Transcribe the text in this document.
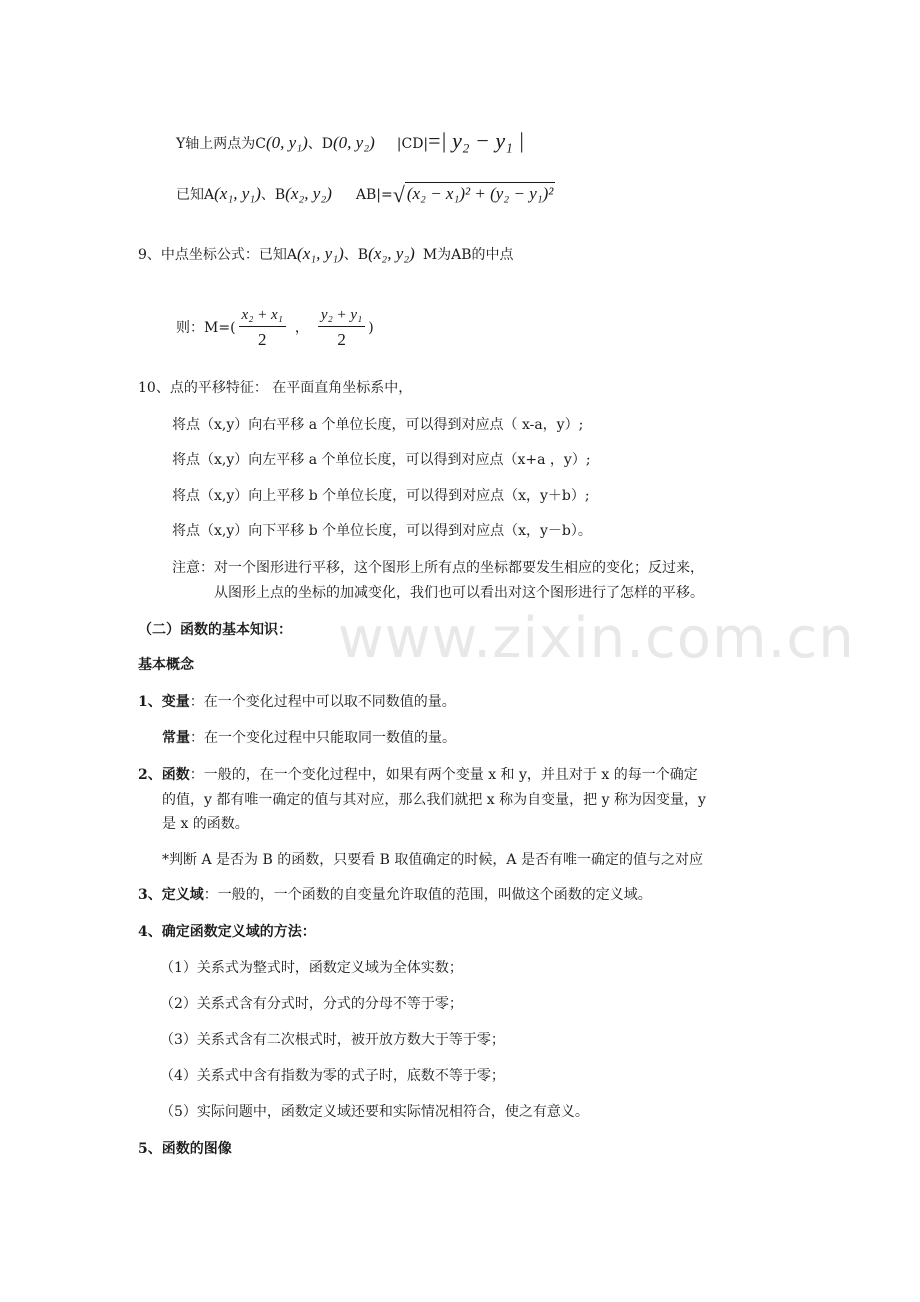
Y轴上两点为C(0, y₁)、D(0, y₂) |CD|=| y₂ − y₁ |
已知A(x₁, y₁)、B(x₂, y₂) AB|=√ (x₂ − x₁)² + (y₂ − y₁)²
9、中点坐标公式：已知A(x₁, y₁)、B(x₂, y₂) M为AB的中点
则：$M=( \frac{\text{x₂ + x₁}}{2}$ ， $\frac{\text{y₂ + y₁}}{2}$ )
10、点的平移特征： 在平面直角坐标系中，
将点（x,y）向右平移 a 个单位长度，可以得到对应点（ x-a，y）;
将点（x,y）向左平移 a 个单位长度，可以得到对应点（x+a ，y）;
将点（x,y）向上平移 b 个单位长度，可以得到对应点（x，y＋b）;
将点（x,y）向下平移 b 个单位长度，可以得到对应点（x，y－b）。
注意：对一个图形进行平移，这个图形上所有点的坐标都要发生相应的变化；反过来，
从图形上点的坐标的加减变化，我们也可以看出对这个图形进行了怎样的平移。
www.zixin.com.cn
（二）函数的基本知识：
基本概念
1、变量：在一个变化过程中可以取不同数值的量。
常量：在一个变化过程中只能取同一数值的量。
2、函数：一般的，在一个变化过程中，如果有两个变量 x 和 y，并且对于 x 的每一个确定
的值，y 都有唯一确定的值与其对应，那么我们就把 x 称为自变量，把 y 称为因变量，y
是 x 的函数。
*判断 A 是否为 B 的函数，只要看 B 取值确定的时候，A 是否有唯一确定的值与之对应
3、定义域：一般的，一个函数的自变量允许取值的范围，叫做这个函数的定义域。
4、确定函数定义域的方法：
（1）关系式为整式时，函数定义域为全体实数；
（2）关系式含有分式时，分式的分母不等于零；
（3）关系式含有二次根式时，被开放方数大于等于零；
（4）关系式中含有指数为零的式子时，底数不等于零；
（5）实际问题中，函数定义域还要和实际情况相符合，使之有意义。
5、函数的图像
